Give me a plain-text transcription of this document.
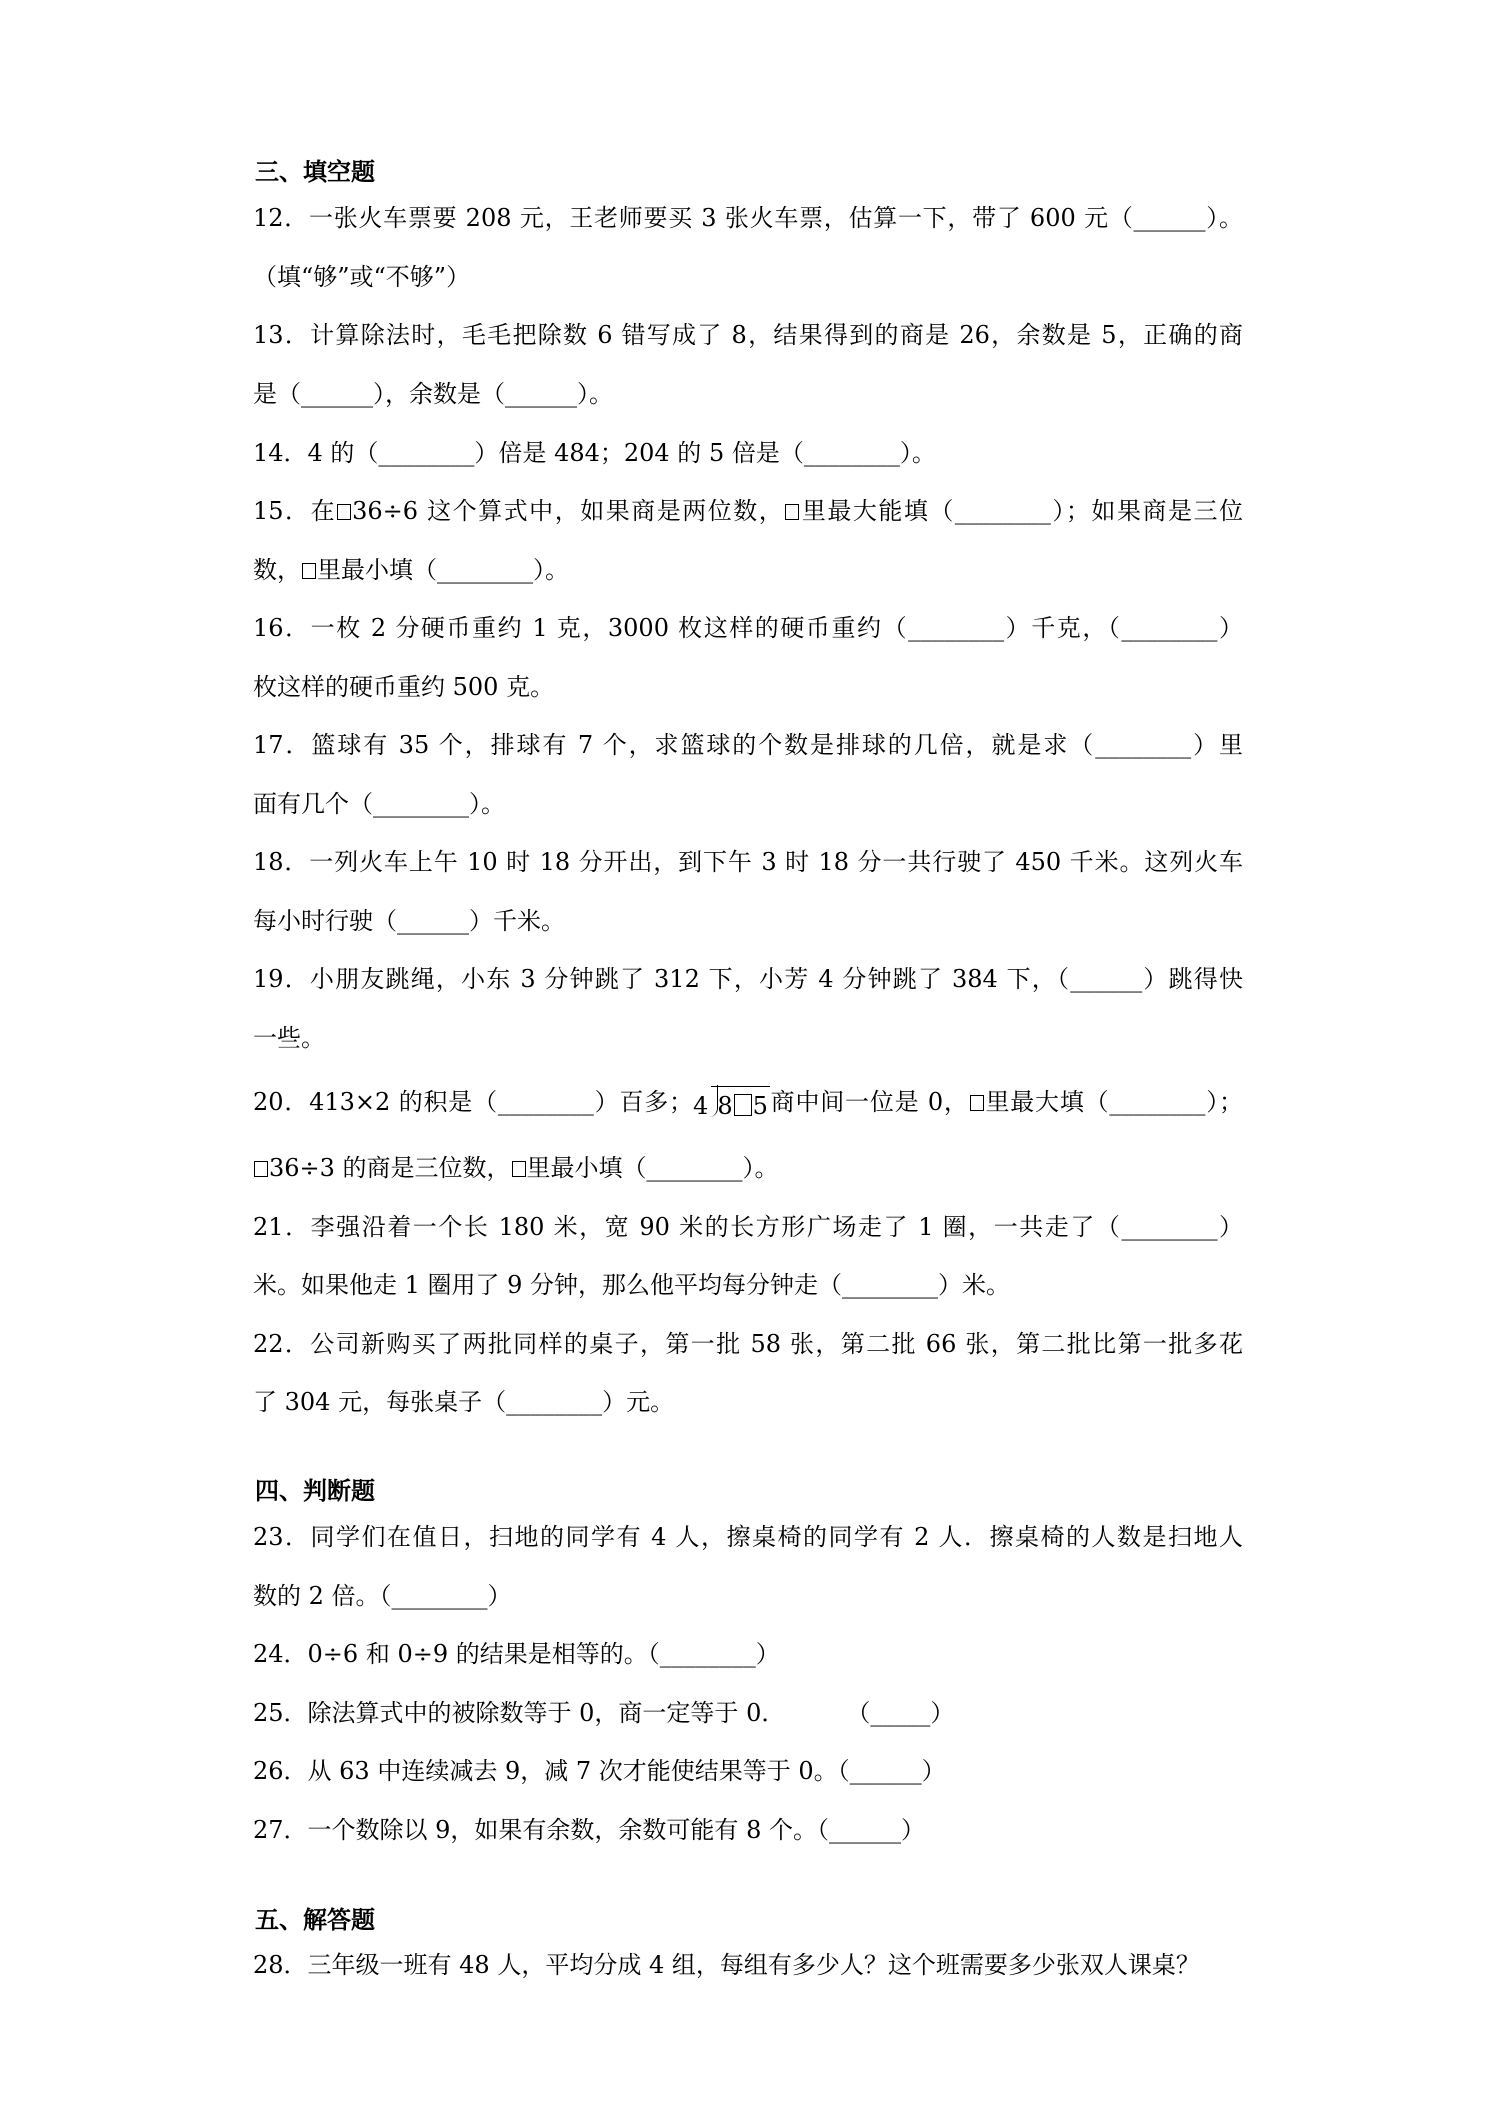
三、填空题
12．一张火车票要 208 元，王老师要买 3 张火车票，估算一下，带了 600 元（______）。
（填“够”或“不够”）
13．计算除法时，毛毛把除数 6 错写成了 8，结果得到的商是 26，余数是 5，正确的商
是（______），余数是（______）。
14．4 的（________）倍是 484；204 的 5 倍是（________）。
15．在 36÷6 这个算式中，如果商是两位数， 里最大能填（________）；如果商是三位
数， 里最小填（________）。
16．一枚 2 分硬币重约 1 克，3000 枚这样的硬币重约（________）千克，（________）
枚这样的硬币重约 500 克。
17．篮球有 35 个，排球有 7 个，求篮球的个数是排球的几倍，就是求（________）里
面有几个（________）。
18．一列火车上午 10 时 18 分开出，到下午 3 时 18 分一共行驶了 450 千米。这列火车
每小时行驶（______）千米。
19．小朋友跳绳，小东 3 分钟跳了 312 下，小芳 4 分钟跳了 384 下，（______）跳得快
一些。
20．413×2 的积是（________）百多；4 8 5商中间一位是 0， 里最大填（________）；
36÷3 的商是三位数， 里最小填（________）。
21．李强沿着一个长 180 米，宽 90 米的长方形广场走了 1 圈，一共走了（________）
米。如果他走 1 圈用了 9 分钟，那么他平均每分钟走（________）米。
22．公司新购买了两批同样的桌子，第一批 58 张，第二批 66 张，第二批比第一批多花
了 304 元，每张桌子（________）元。
四、判断题
23．同学们在值日，扫地的同学有 4 人，擦桌椅的同学有 2 人．擦桌椅的人数是扫地人
数的 2 倍。（________）
24．0÷6 和 0÷9 的结果是相等的。（________）
25．除法算式中的被除数等于 0，商一定等于 0．        （_____）
26．从 63 中连续减去 9，减 7 次才能使结果等于 0。（______）
27．一个数除以 9，如果有余数，余数可能有 8 个。（______）
五、解答题
28．三年级一班有 48 人，平均分成 4 组，每组有多少人？这个班需要多少张双人课桌？
